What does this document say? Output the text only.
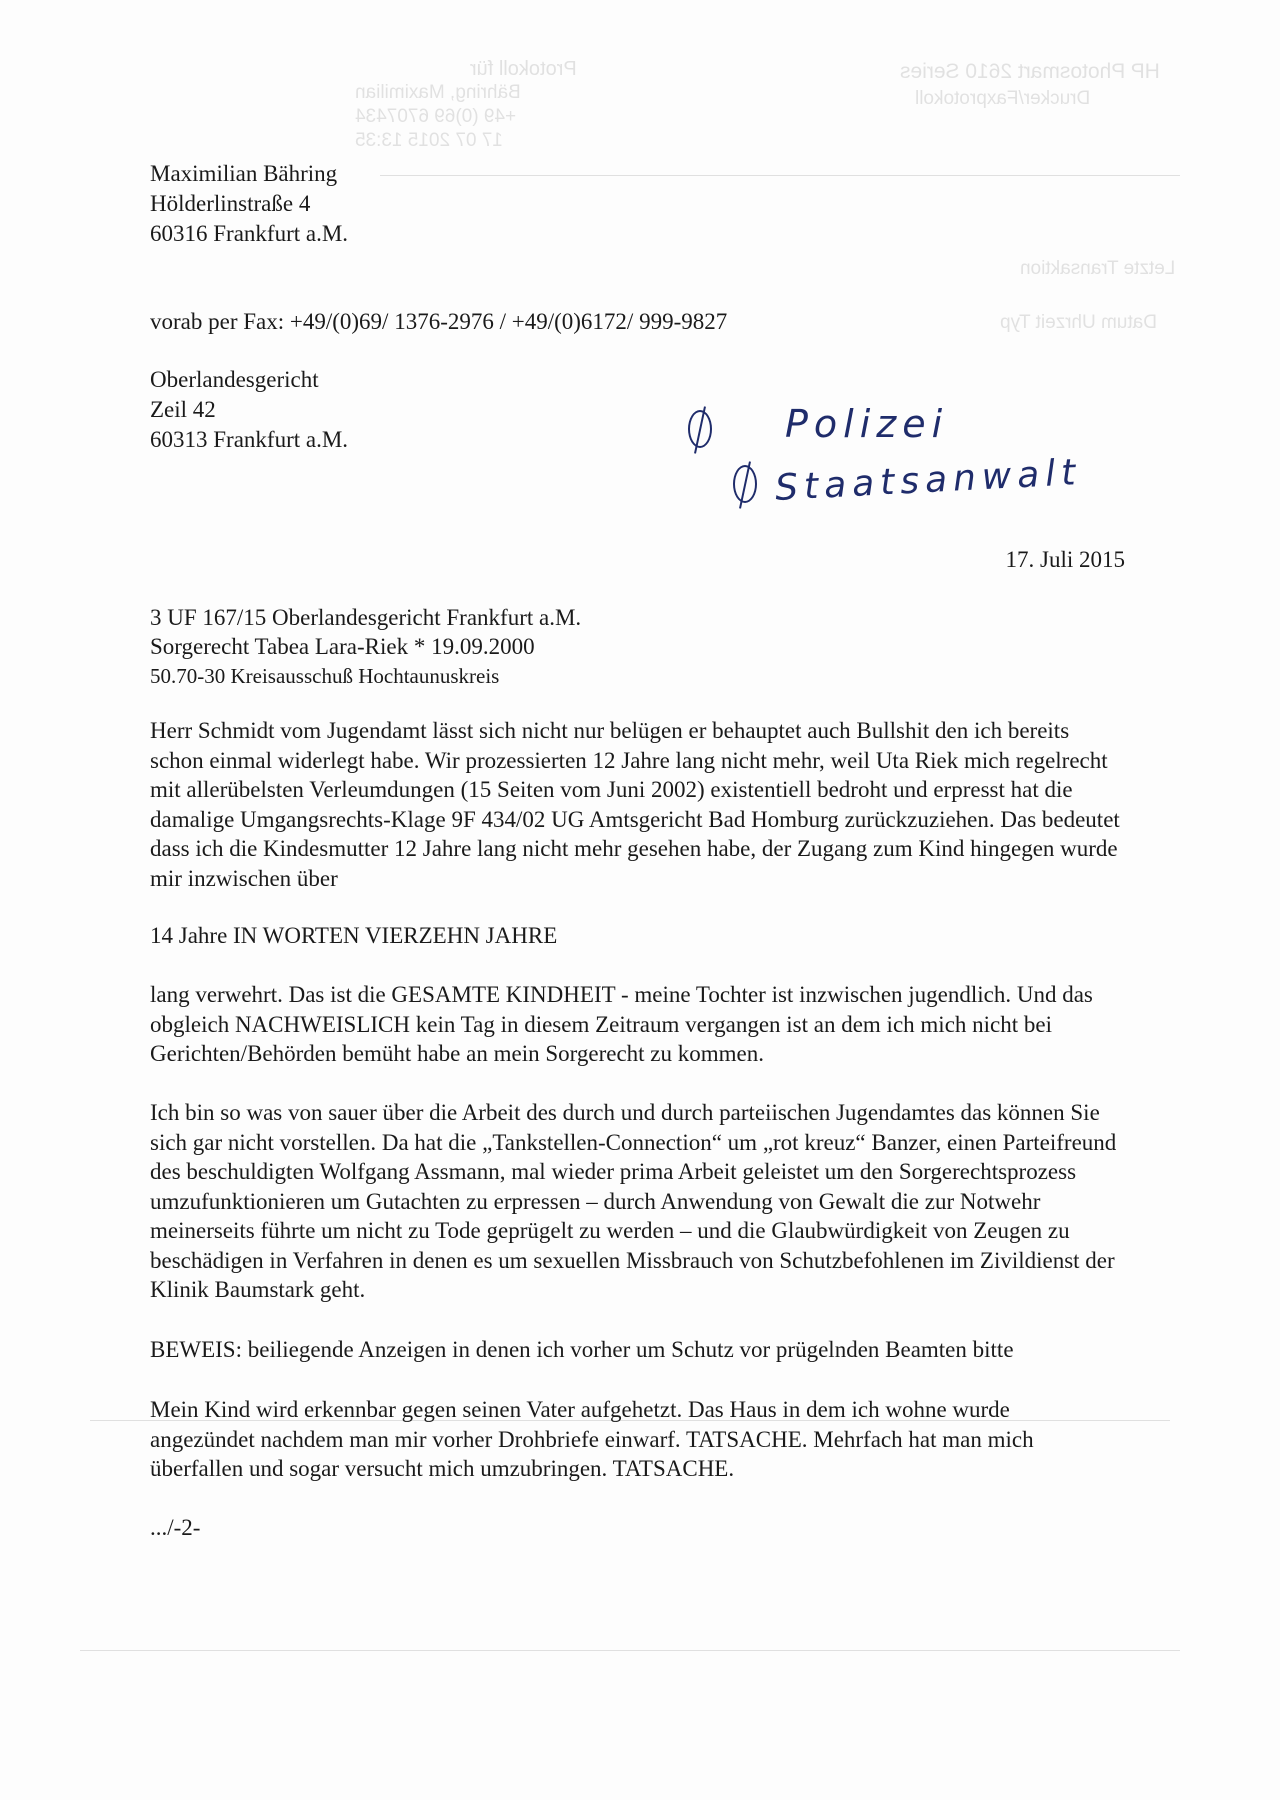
HP Photosmart 2610 Series
Drucker/Faxprotokoll
Protokoll für
Bähring, Maximilian
+49 (0)69 6707434
17 07 2015 13:35
Letzte Transaktion
Datum Uhrzeit Typ
Maximilian Bähring
Hölderlinstraße 4
60316 Frankfurt a.M.
vorab per Fax: +49/(0)69/ 1376-2976 / +49/(0)6172/ 999-9827
Oberlandesgericht
Zeil 42
60313 Frankfurt a.M.	Polizei
Staatsanwalt
17. Juli 2015
3 UF 167/15 Oberlandesgericht Frankfurt a.M.
Sorgerecht Tabea Lara-Riek * 19.09.2000
50.70-30 Kreisausschuß Hochtaunuskreis

Herr Schmidt vom Jugendamt lässt sich nicht nur belügen er behauptet auch Bullshit den ich bereits schon einmal widerlegt habe. Wir prozessierten 12 Jahre lang nicht mehr, weil Uta Riek mich regelrecht mit allerübelsten Verleumdungen (15 Seiten vom Juni 2002) existentiell bedroht und erpresst hat die damalige Umgangsrechts-Klage 9F 434/02 UG Amtsgericht Bad Homburg zurückzuziehen. Das bedeutet dass ich die Kindesmutter 12 Jahre lang nicht mehr gesehen habe, der Zugang zum Kind hingegen wurde mir inzwischen über

14 Jahre IN WORTEN VIERZEHN JAHRE

lang verwehrt. Das ist die GESAMTE KINDHEIT - meine Tochter ist inzwischen jugendlich. Und das obgleich NACHWEISLICH kein Tag in diesem Zeitraum vergangen ist an dem ich mich nicht bei Gerichten/Behörden bemüht habe an mein Sorgerecht zu kommen.

Ich bin so was von sauer über die Arbeit des durch und durch parteiischen Jugendamtes das können Sie sich gar nicht vorstellen. Da hat die „Tankstellen-Connection“ um „rot kreuz“ Banzer, einen Parteifreund des beschuldigten Wolfgang Assmann, mal wieder prima Arbeit geleistet um den Sorgerechtsprozess umzufunktionieren um Gutachten zu erpressen – durch Anwendung von Gewalt die zur Notwehr meinerseits führte um nicht zu Tode geprügelt zu werden – und die Glaubwürdigkeit von Zeugen zu beschädigen in Verfahren in denen es um sexuellen Missbrauch von Schutzbefohlenen im Zivildienst der Klinik Baumstark geht.

BEWEIS: beiliegende Anzeigen in denen ich vorher um Schutz vor prügelnden Beamten bitte

Mein Kind wird erkennbar gegen seinen Vater aufgehetzt. Das Haus in dem ich wohne wurde angezündet nachdem man mir vorher Drohbriefe einwarf. TATSACHE. Mehrfach hat man mich überfallen und sogar versucht mich umzubringen. TATSACHE.

.../-2-
